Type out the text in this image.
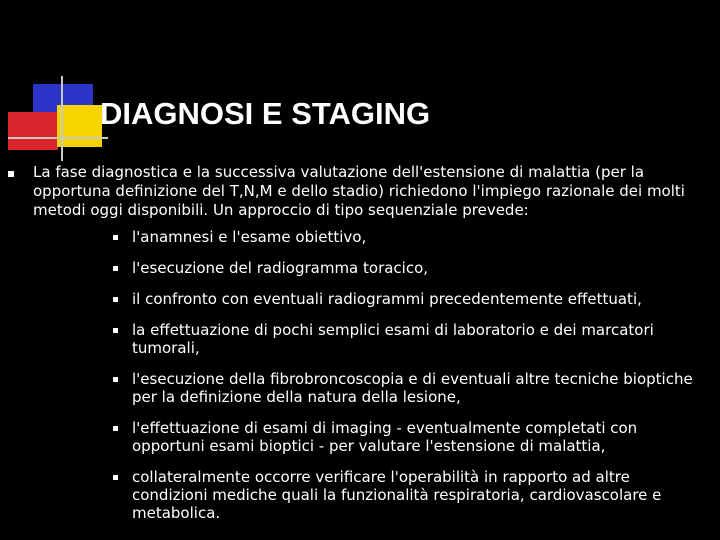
DIAGNOSI E STAGING
La fase diagnostica e la successiva valutazione dell'estensione di malattia (per la opportuna definizione del T,N,M e dello stadio) richiedono l'impiego razionale dei molti metodi oggi disponibili. Un approccio di tipo sequenziale prevede:
l'anamnesi e l'esame obiettivo,
l'esecuzione del radiogramma toracico,
il confronto con eventuali radiogrammi precedentemente effettuati,
la effettuazione di pochi semplici esami di laboratorio e dei marcatori tumorali,
l'esecuzione della fibrobroncoscopia e di eventuali altre tecniche bioptiche per la definizione della natura della lesione,
l'effettuazione di esami di imaging - eventualmente completati con opportuni esami bioptici - per valutare l'estensione di malattia,
collateralmente occorre verificare l'operabilità in rapporto ad altre condizioni mediche quali la funzionalità respiratoria, cardiovascolare e metabolica.
